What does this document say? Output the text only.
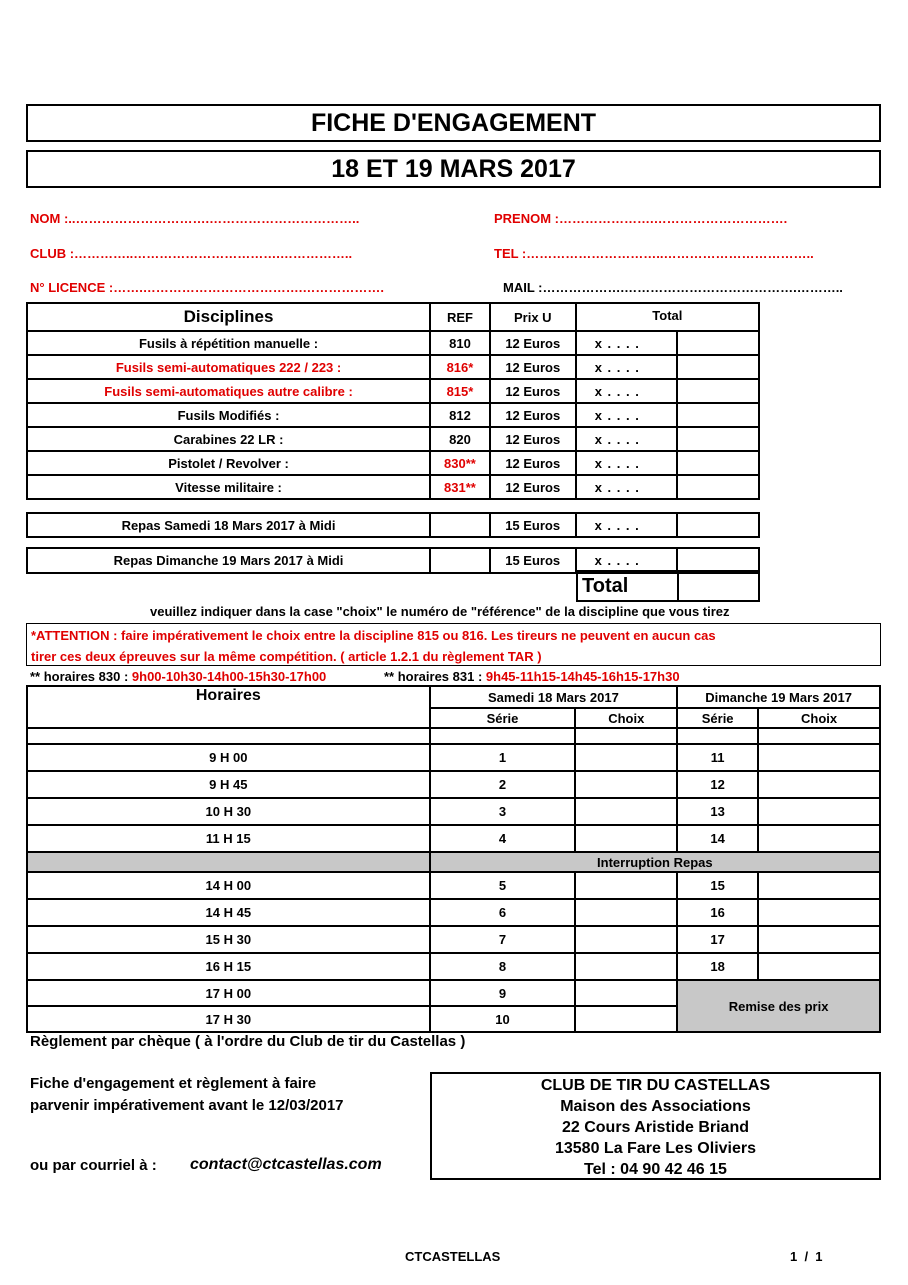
FICHE D'ENGAGEMENT
18 ET 19 MARS 2017
NOM :..………………………….……………………………..	PRENOM :………………….………………………….
CLUB :…………..…………………………….……………..	TEL :…………………………..……………………………..
N° LICENCE :…….……………………………….……………….	MAIL :……………….………………………………….………..
Disciplines	REF	Prix U	Total	
Fusils à répétition manuelle :	810	12 Euros	x . . . .	
Fusils semi-automatiques 222 / 223 :	816*	12 Euros	x . . . .	
Fusils semi-automatiques autre calibre :	815*	12 Euros	x . . . .	
Fusils Modifiés :	812	12 Euros	x . . . .	
Carabines 22 LR :	820	12 Euros	x . . . .	
Pistolet / Revolver :	830**	12 Euros	x . . . .	
Vitesse militaire :	831**	12 Euros	x . . . .	
Repas Samedi 18 Mars 2017 à Midi		15 Euros	x . . . .	
Repas Dimanche 19 Mars 2017 à Midi		15 Euros	x . . . .	
Total	
veuillez indiquer dans la case "choix" le numéro de "référence" de la discipline que vous tirez
*ATTENTION : faire impérativement le choix entre la discipline 815 ou 816. Les tireurs ne peuvent en aucun cas
tirer ces deux épreuves sur la même compétition. ( article 1.2.1 du règlement TAR )
** horaires 830 : 9h00-10h30-14h00-15h30-17h00	** horaires 831 : 9h45-11h15-14h45-16h15-17h30
Horaires	Samedi 18 Mars 2017		Dimanche 19 Mars 2017	
	Série	Choix	Série	Choix

9 H 00	1		11	
9 H 45	2		12	
10 H 30	3		13	
11 H 15	4		14	
	Interruption Repas			
14 H 00	5		15	
14 H 45	6		16	
15 H 30	7		17	
16 H 15	8		18	
17 H 00	9		Remise des prix	
17 H 30	10			
Règlement par chèque ( à l'ordre du Club de tir du Castellas )
Fiche d'engagement et règlement à faire
parvenir impérativement avant le 12/03/2017
ou par courriel à : contact@ctcastellas.com
CLUB DE TIR DU CASTELLAS
Maison des Associations
22 Cours Aristide Briand
13580 La Fare Les Oliviers
Tel : 04 90 42 46 15
CTCASTELLAS	1  /  1
